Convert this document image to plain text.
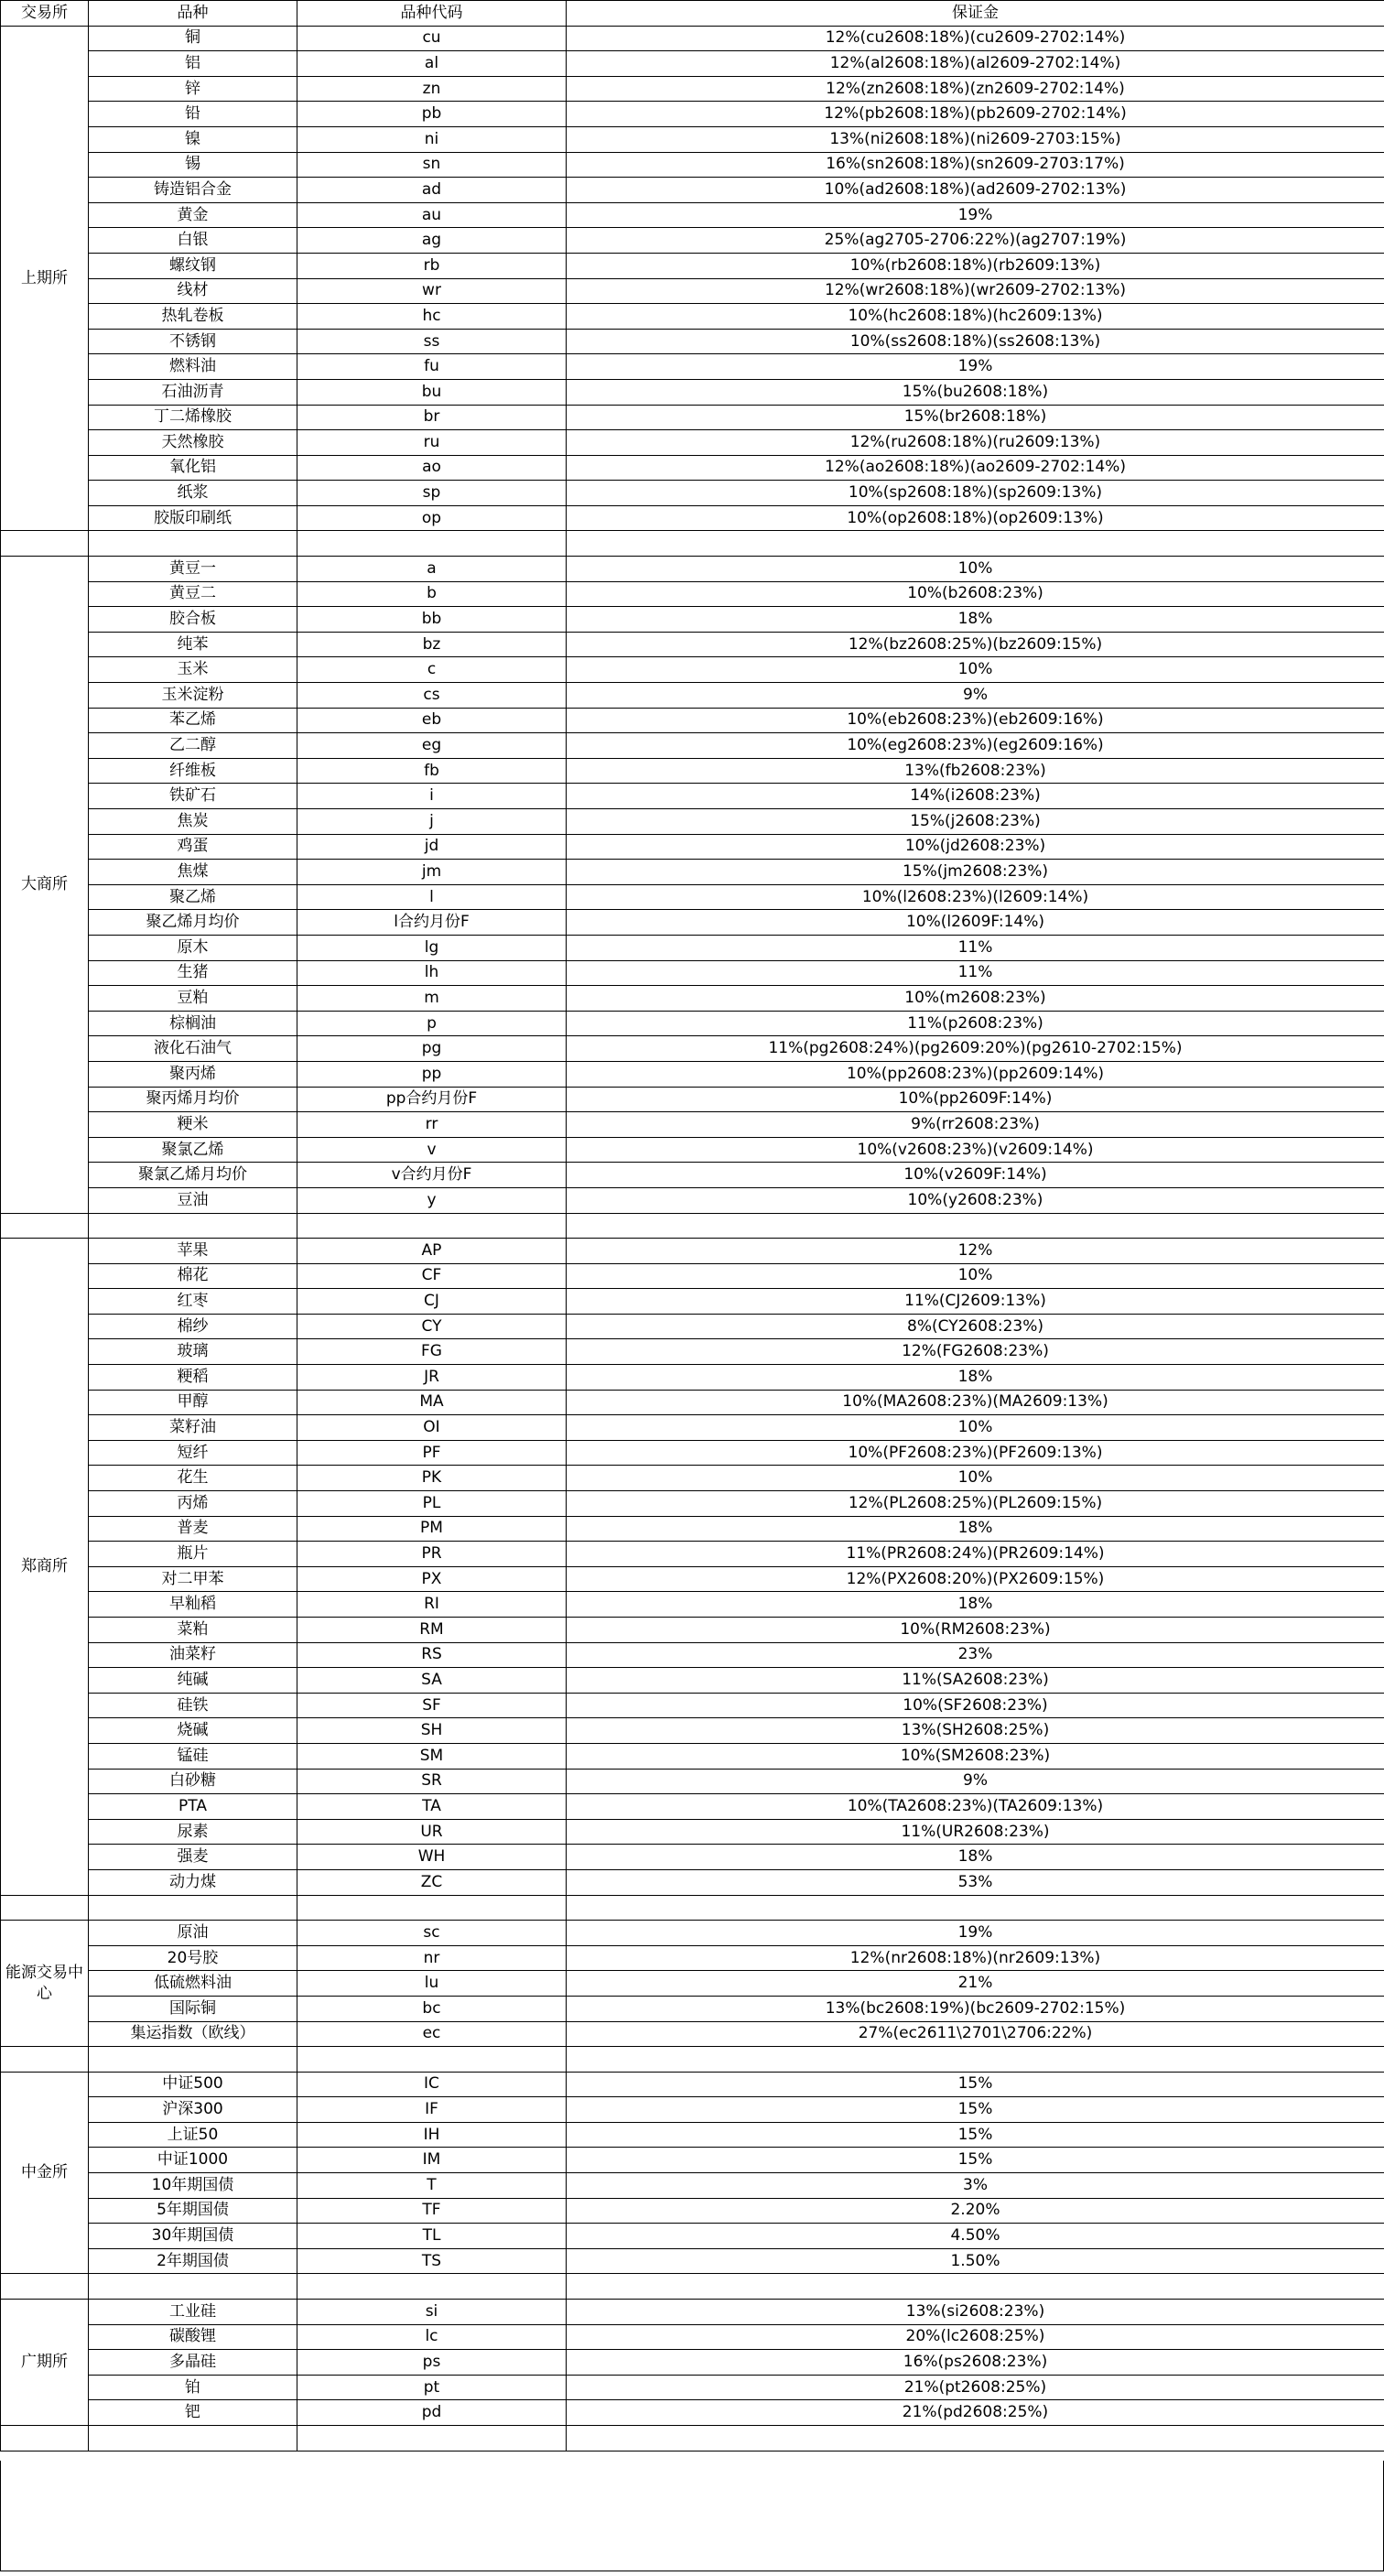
交易所	品种	品种代码	保证金
上期所	铜	cu	12%(cu2608:18%)(cu2609-2702:14%)
	铝	al	12%(al2608:18%)(al2609-2702:14%)
	锌	zn	12%(zn2608:18%)(zn2609-2702:14%)
	铅	pb	12%(pb2608:18%)(pb2609-2702:14%)
	镍	ni	13%(ni2608:18%)(ni2609-2703:15%)
	锡	sn	16%(sn2608:18%)(sn2609-2703:17%)
	铸造铝合金	ad	10%(ad2608:18%)(ad2609-2702:13%)
	黄金	au	19%
	白银	ag	25%(ag2705-2706:22%)(ag2707:19%)
	螺纹钢	rb	10%(rb2608:18%)(rb2609:13%)
	线材	wr	12%(wr2608:18%)(wr2609-2702:13%)
	热轧卷板	hc	10%(hc2608:18%)(hc2609:13%)
	不锈钢	ss	10%(ss2608:18%)(ss2608:13%)
	燃料油	fu	19%
	石油沥青	bu	15%(bu2608:18%)
	丁二烯橡胶	br	15%(br2608:18%)
	天然橡胶	ru	12%(ru2608:18%)(ru2609:13%)
	氧化铝	ao	12%(ao2608:18%)(ao2609-2702:14%)
	纸浆	sp	10%(sp2608:18%)(sp2609:13%)
	胶版印刷纸	op	10%(op2608:18%)(op2609:13%)

大商所	黄豆一	a	10%
	黄豆二	b	10%(b2608:23%)
	胶合板	bb	18%
	纯苯	bz	12%(bz2608:25%)(bz2609:15%)
	玉米	c	10%
	玉米淀粉	cs	9%
	苯乙烯	eb	10%(eb2608:23%)(eb2609:16%)
	乙二醇	eg	10%(eg2608:23%)(eg2609:16%)
	纤维板	fb	13%(fb2608:23%)
	铁矿石	i	14%(i2608:23%)
	焦炭	j	15%(j2608:23%)
	鸡蛋	jd	10%(jd2608:23%)
	焦煤	jm	15%(jm2608:23%)
	聚乙烯	l	10%(l2608:23%)(l2609:14%)
	聚乙烯月均价	l合约月份F	10%(l2609F:14%)
	原木	lg	11%
	生猪	lh	11%
	豆粕	m	10%(m2608:23%)
	棕榈油	p	11%(p2608:23%)
	液化石油气	pg	11%(pg2608:24%)(pg2609:20%)(pg2610-2702:15%)
	聚丙烯	pp	10%(pp2608:23%)(pp2609:14%)
	聚丙烯月均价	pp合约月份F	10%(pp2609F:14%)
	粳米	rr	9%(rr2608:23%)
	聚氯乙烯	v	10%(v2608:23%)(v2609:14%)
	聚氯乙烯月均价	v合约月份F	10%(v2609F:14%)
	豆油	y	10%(y2608:23%)

郑商所	苹果	AP	12%
	棉花	CF	10%
	红枣	CJ	11%(CJ2609:13%)
	棉纱	CY	8%(CY2608:23%)
	玻璃	FG	12%(FG2608:23%)
	粳稻	JR	18%
	甲醇	MA	10%(MA2608:23%)(MA2609:13%)
	菜籽油	OI	10%
	短纤	PF	10%(PF2608:23%)(PF2609:13%)
	花生	PK	10%
	丙烯	PL	12%(PL2608:25%)(PL2609:15%)
	普麦	PM	18%
	瓶片	PR	11%(PR2608:24%)(PR2609:14%)
	对二甲苯	PX	12%(PX2608:20%)(PX2609:15%)
	早籼稻	RI	18%
	菜粕	RM	10%(RM2608:23%)
	油菜籽	RS	23%
	纯碱	SA	11%(SA2608:23%)
	硅铁	SF	10%(SF2608:23%)
	烧碱	SH	13%(SH2608:25%)
	锰硅	SM	10%(SM2608:23%)
	白砂糖	SR	9%
	PTA	TA	10%(TA2608:23%)(TA2609:13%)
	尿素	UR	11%(UR2608:23%)
	强麦	WH	18%
	动力煤	ZC	53%

能源交易中心	原油	sc	19%
	20号胶	nr	12%(nr2608:18%)(nr2609:13%)
	低硫燃料油	lu	21%
	国际铜	bc	13%(bc2608:19%)(bc2609-2702:15%)
	集运指数（欧线）	ec	27%(ec2611\2701\2706:22%)

中金所	中证500	IC	15%
	沪深300	IF	15%
	上证50	IH	15%
	中证1000	IM	15%
	10年期国债	T	3%
	5年期国债	TF	2.20%
	30年期国债	TL	4.50%
	2年期国债	TS	1.50%

广期所	工业硅	si	13%(si2608:23%)
	碳酸锂	lc	20%(lc2608:25%)
	多晶硅	ps	16%(ps2608:23%)
	铂	pt	21%(pt2608:25%)
	钯	pd	21%(pd2608:25%)
